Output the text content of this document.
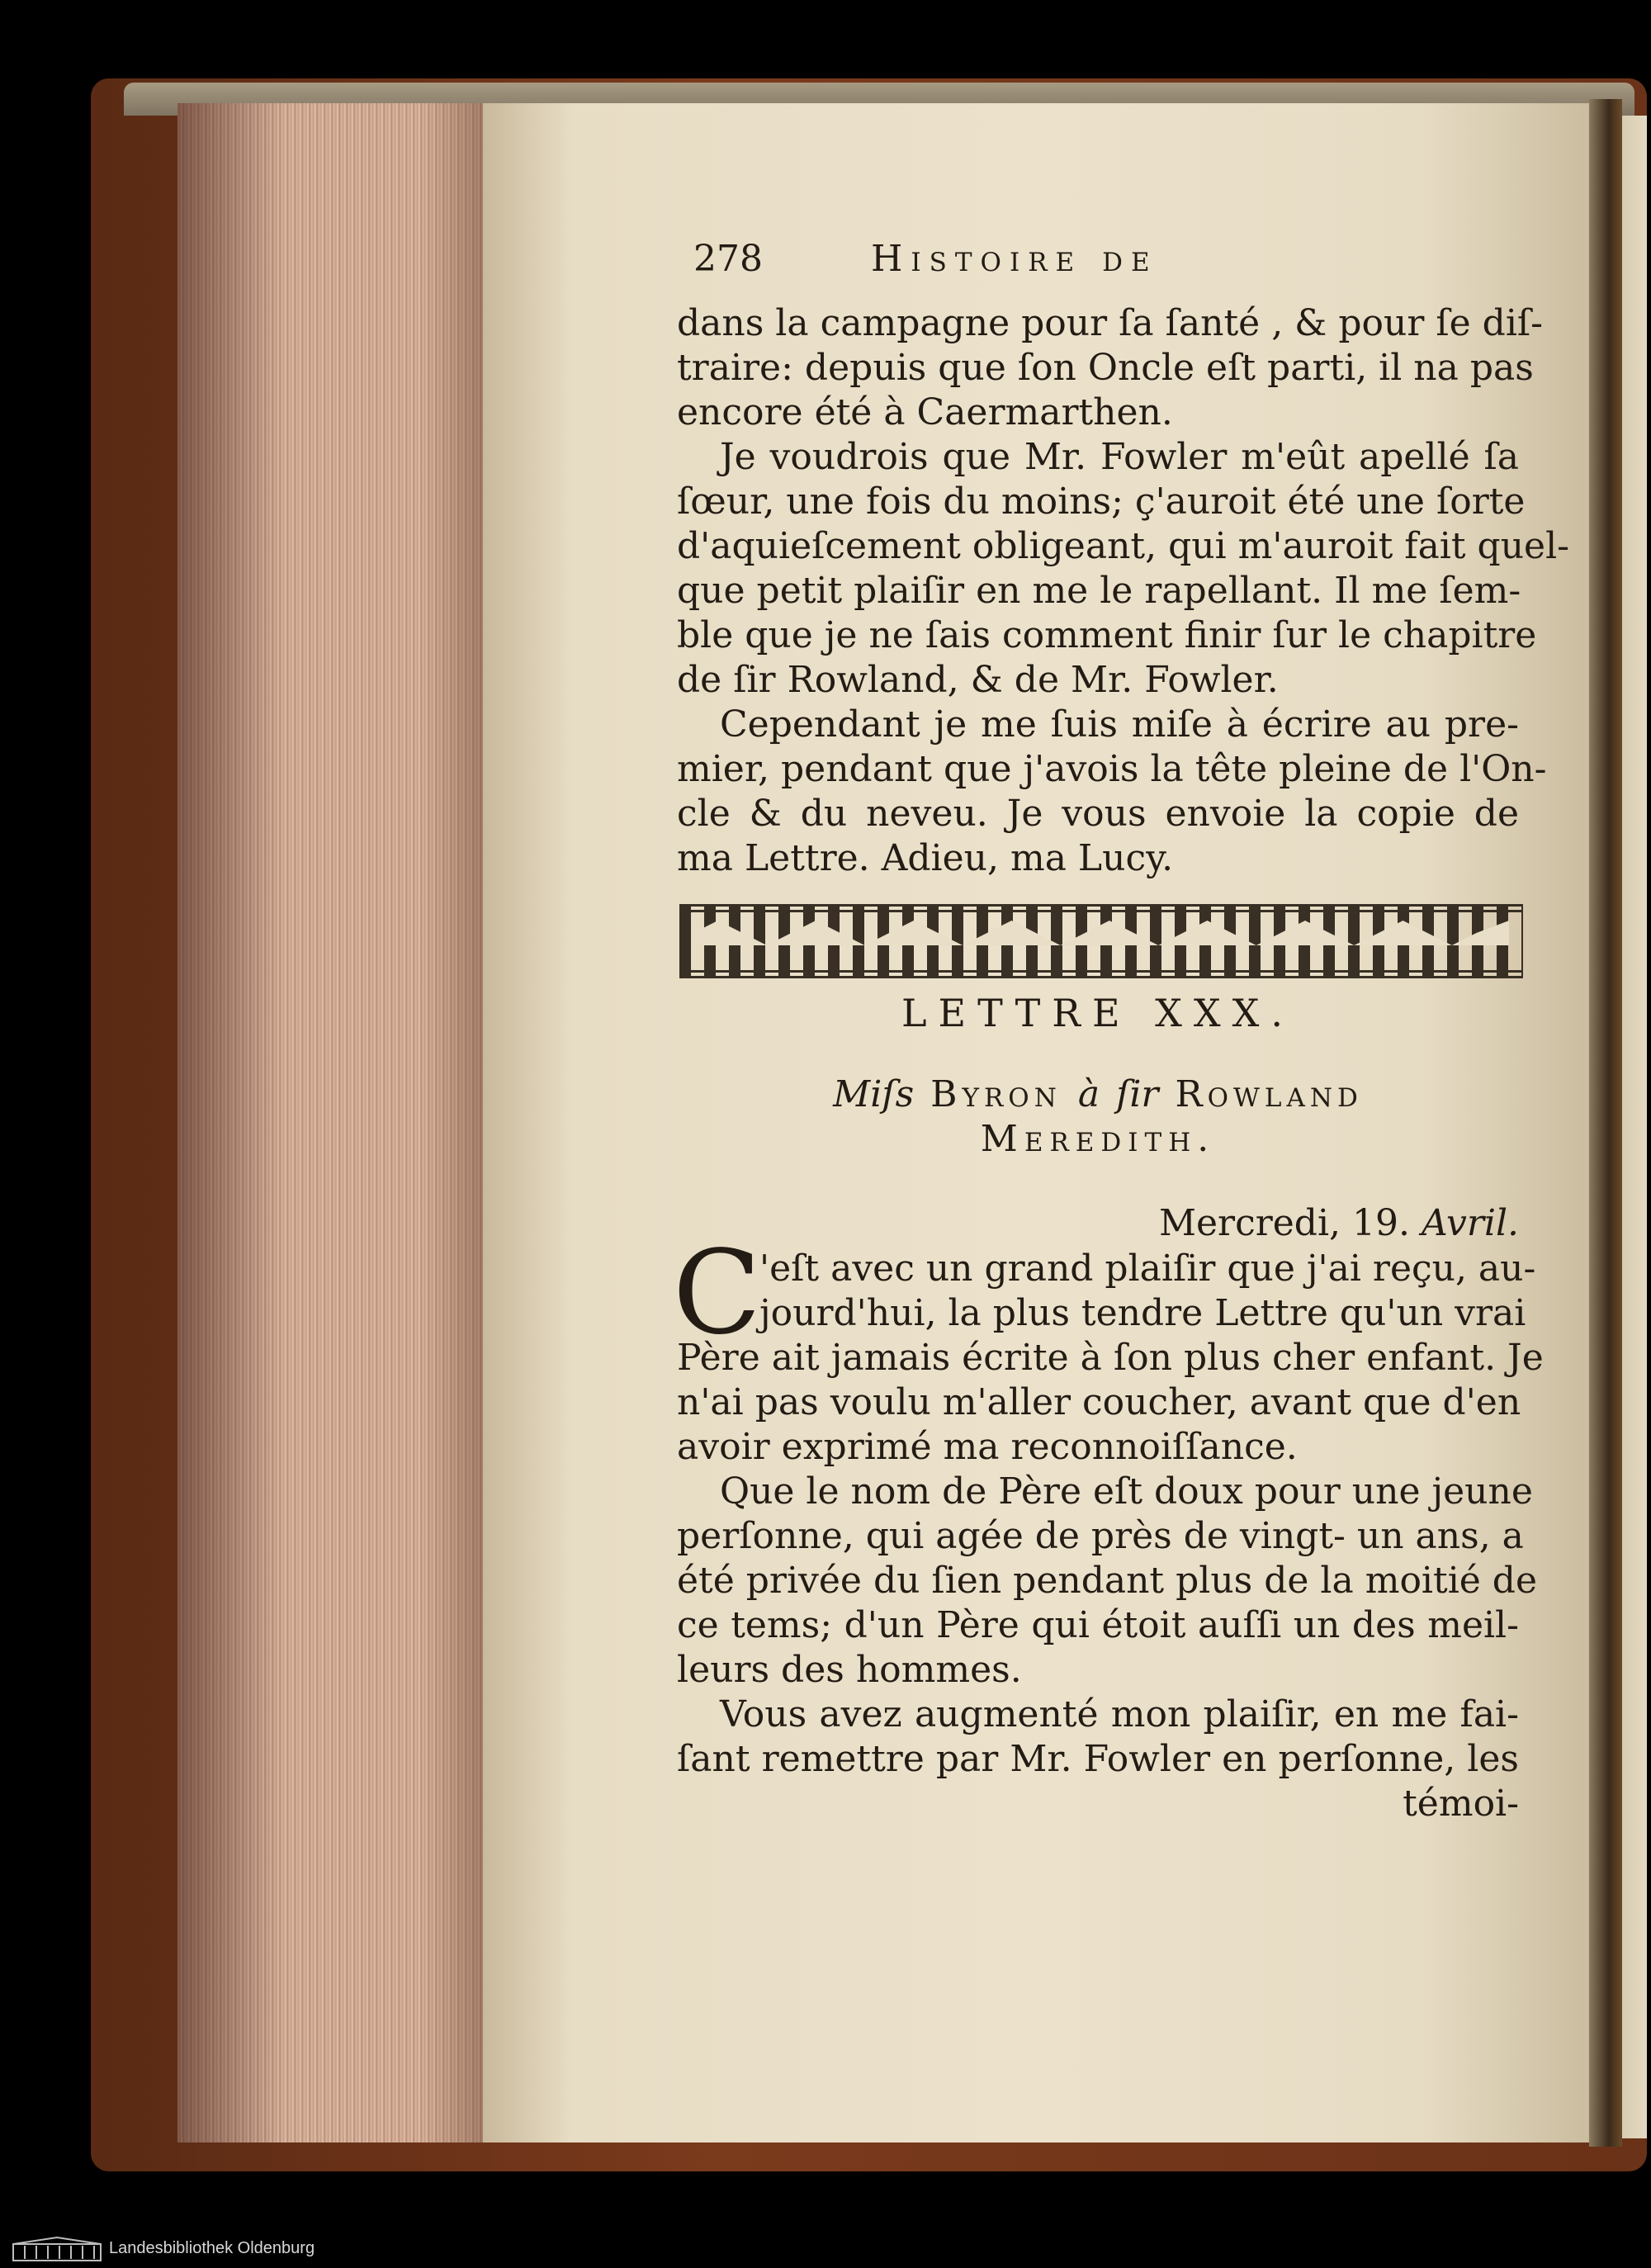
278	Histoire de
dans la campagne pour ſa ſanté , & pour ſe diſ-
traire: depuis que ſon Oncle eſt parti, il na pas
encore été à Caermarthen.
Je voudrois que Mr. Fowler m'eût apellé ſa
ſœur, une fois du moins; ç'auroit été une ſorte
d'aquieſcement obligeant, qui m'auroit fait quel-
que petit plaiſir en me le rapellant. Il me ſem-
ble que je ne ſais comment finir ſur le chapitre
de ſir Rowland, & de Mr. Fowler.
Cependant je me ſuis miſe à écrire au pre-
mier, pendant que j'avois la tête pleine de l'On-
cle & du neveu. Je vous envoie la copie de
ma Lettre. Adieu, ma Lucy.
LETTRE XXX.
Miſs Byron à ſir Rowland
Meredith.
Mercredi, 19. Avril.
C
'eſt avec un grand plaiſir que j'ai reçu, au-
jourd'hui, la plus tendre Lettre qu'un vrai
Père ait jamais écrite à ſon plus cher enfant. Je
n'ai pas voulu m'aller coucher, avant que d'en
avoir exprimé ma reconnoiſſance.
Que le nom de Père eſt doux pour une jeune
perſonne, qui agée de près de vingt- un ans, a
été privée du ſien pendant plus de la moitié de
ce tems; d'un Père qui étoit auſſi un des meil-
leurs des hommes.
Vous avez augmenté mon plaiſir, en me fai-
ſant remettre par Mr. Fowler en perſonne, les
témoi-
Landesbibliothek Oldenburg
